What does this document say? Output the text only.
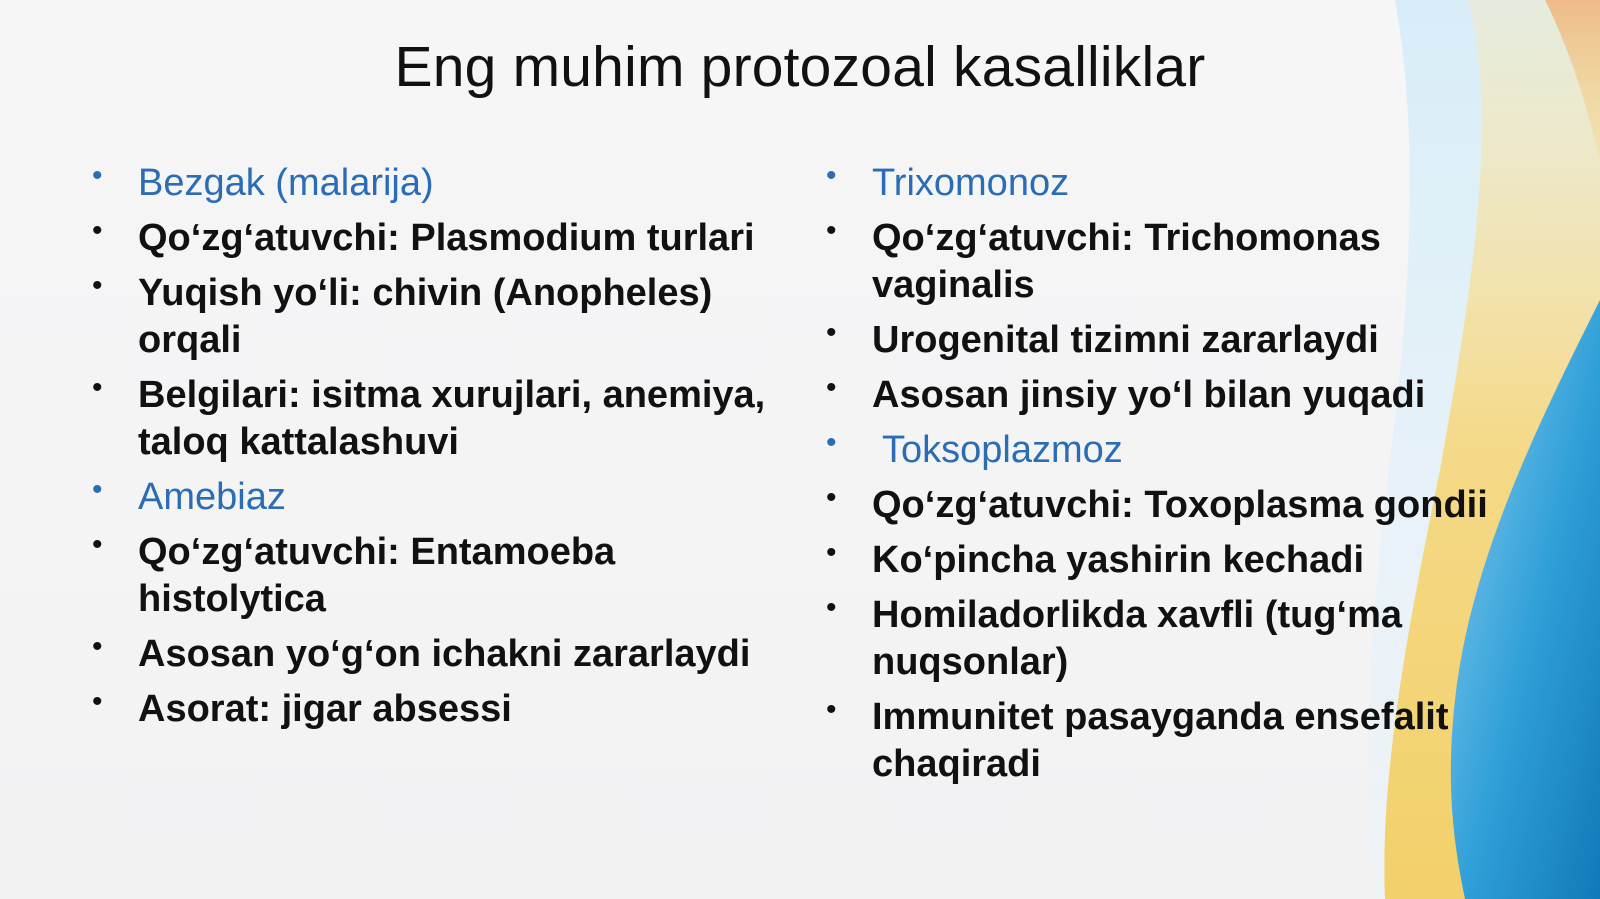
Eng muhim protozoal kasalliklar
• Bezgak (malarija)
• Qo‘zg‘atuvchi: Plasmodium turlari
• Yuqish yo‘li: chivin (Anopheles) orqali
• Belgilari: isitma xurujlari, anemiya, taloq kattalashuvi
• Amebiaz
• Qo‘zg‘atuvchi: Entamoeba histolytica
• Asosan yo‘g‘on ichakni zararlaydi
• Asorat: jigar absessi
• Trixomonoz
• Qo‘zg‘atuvchi: Trichomonas vaginalis
• Urogenital tizimni zararlaydi
• Asosan jinsiy yo‘l bilan yuqadi
• Toksoplazmoz
• Qo‘zg‘atuvchi: Toxoplasma gondii
• Ko‘pincha yashirin kechadi
• Homiladorlikda xavfli (tug‘ma nuqsonlar)
• Immunitet pasayganda ensefalit chaqiradi
